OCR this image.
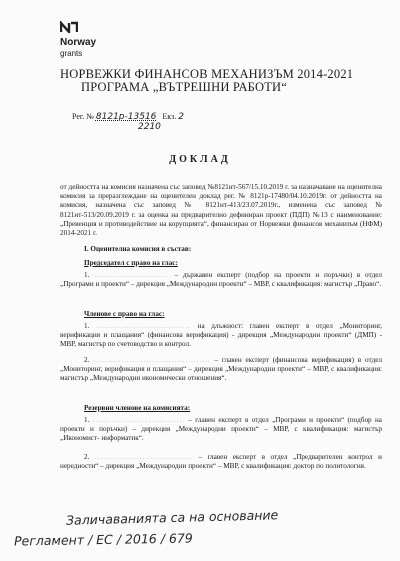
Norway
grants
НОРВЕЖКИ ФИНАНСОВ МЕХАНИЗЪМ 2014-2021
ПРОГРАМА „ВЪТРЕШНИ РАБОТИ“
Рег. № 8121р-13516 Екз. 2
2210
ДОКЛАД
от дейността на комисия назначена със заповед №8121нт-567/15.10.2019 г. за назначаване на оценителна комисия за преразглеждане на оценителен доклад рег. № 8121р-17480/04.10.2019г. от дейността на комисия, назначена със заповед № 8121нт-413/23.07.2019г., изменена със заповед № 8121нт-513/20.09.2019 г. за оценка на предварително дефиниран проект (ПДП) №13 с наименование: „Превенция и противодействие на корупцията“, финансиран от Норвежки финансов механизъм (НФМ) 2014-2021 г.
I. Оценителна комисия в състав:
Председател с право на глас:
1. ........................... – държавен експерт (подбор на проекти и поръчки) в отдел „Програми и проекти“ – дирекция „Международни проекти“ – МВР, с квалификация: магистър „Право“.
Членове с право на глас:
1. .................................. на длъжност: главен експерт в отдел „Мониторинг, верификация и плащания“ (финансова верификация) - дирекция „Международни проекти“ (ДМП) - МВР, магистър по счетоводство и контрол.
2. .......................................... – главен експерт (финансова верификация) в отдел „Мониторинг, верификация и плащания“ – дирекция „Международни проекти“ – МВР, с квалификация: магистър „Международни икономически отношения“.
Резервни членове на комисията:
1. ................................. – главен експерт в отдел „Програми и проекти“ (подбор на проекти и поръчки) – дирекция „Международни проекти“ – МВР, с квалификация: магистър „Икономист- информатик“.
2. ................................... – главен експерт в отдел „Предварителен контрол и нередности“ – дирекция „Международни проекти“ – МВР, с квалификация: доктор по политология.
Заличаванията са на основание
Регламент / ЕС / 2016 / 679
